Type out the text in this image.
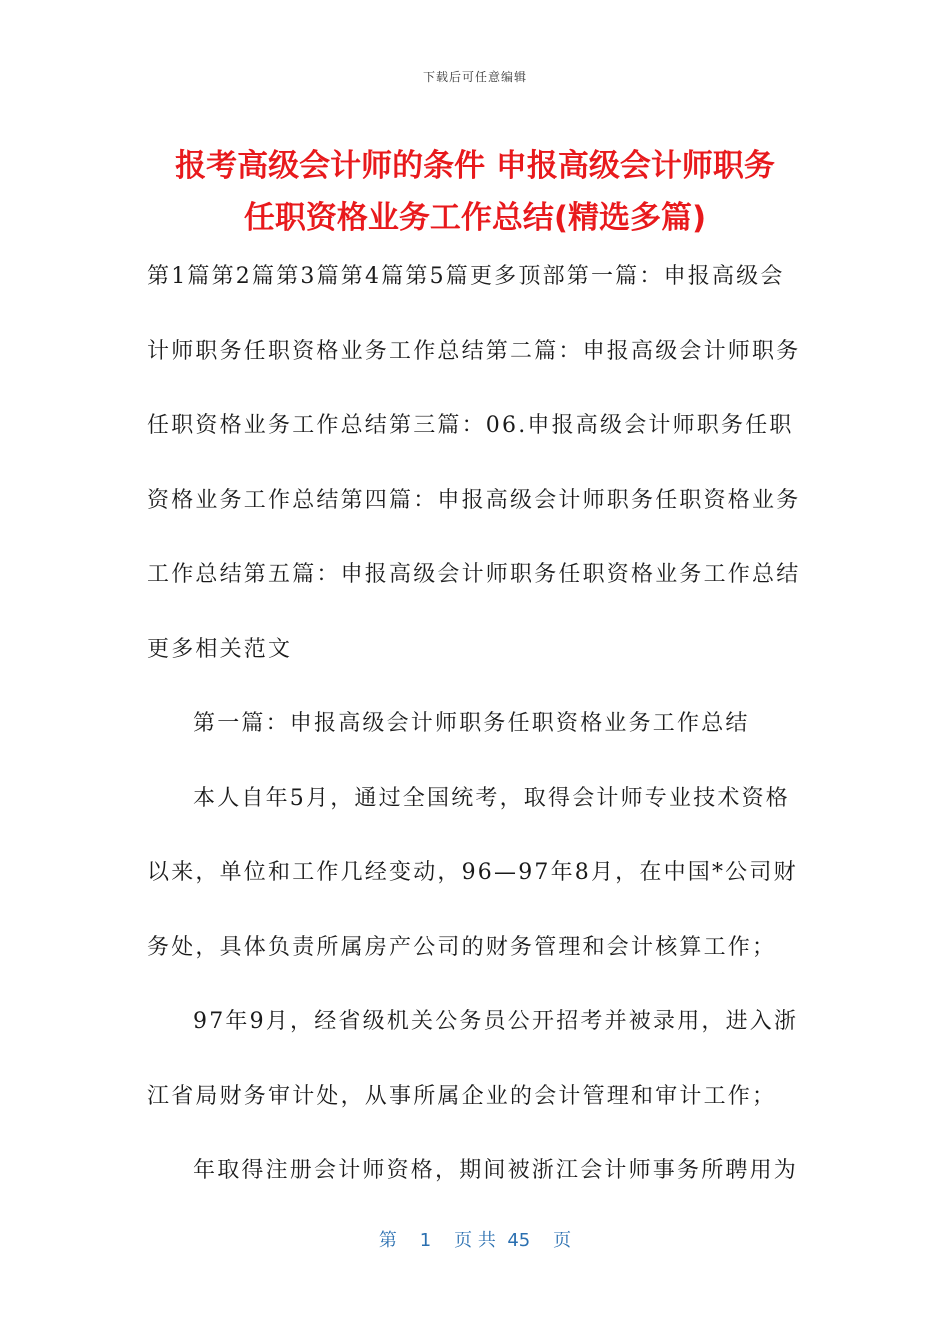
下载后可任意编辑
报考高级会计师的条件 申报高级会计师职务
任职资格业务工作总结(精选多篇)

第1篇第2篇第3篇第4篇第5篇更多顶部第一篇：申报高级会计师职务任职资格业务工作总结第二篇：申报高级会计师职务任职资格业务工作总结第三篇：06.申报高级会计师职务任职资格业务工作总结第四篇：申报高级会计师职务任职资格业务工作总结第五篇：申报高级会计师职务任职资格业务工作总结更多相关范文

第一篇：申报高级会计师职务任职资格业务工作总结

本人自年5月，通过全国统考，取得会计师专业技术资格以来，单位和工作几经变动，96—97年8月，在中国*公司财务处，具体负责所属房产公司的财务管理和会计核算工作；

97年9月，经省级机关公务员公开招考并被录用，进入浙江省局财务审计处，从事所属企业的会计管理和审计工作；

年取得注册会计师资格，期间被浙江会计师事务所聘用为

第 1 页 共 45 页
